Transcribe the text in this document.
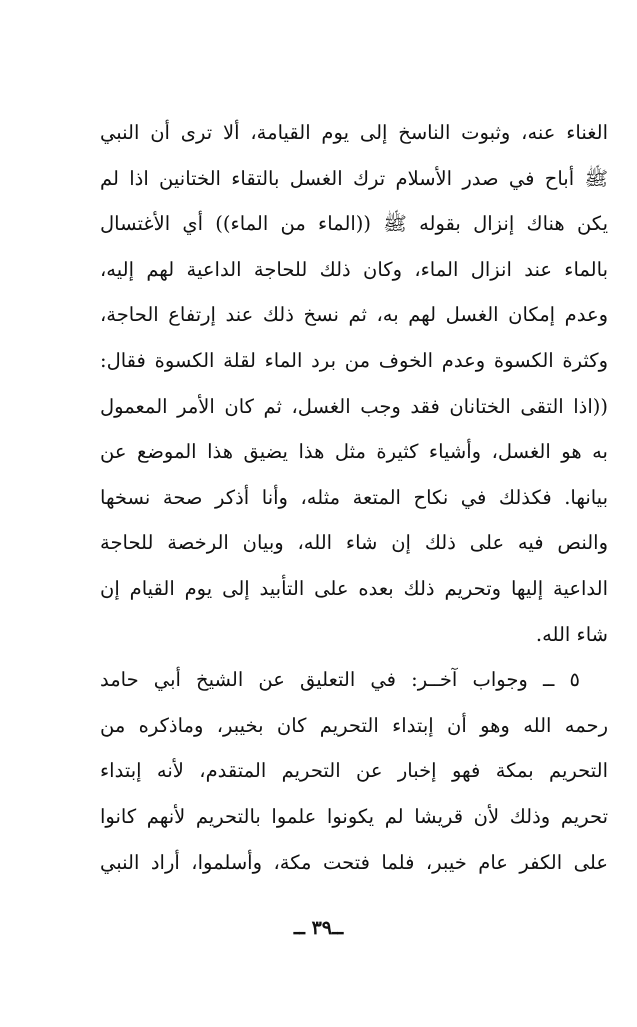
الغناء عنه، وثبوت الناسخ إلى يوم القيامة، ألا ترى أن النبي
ﷺ أباح في صدر الأسلام ترك الغسل بالتقاء الختانين اذا لم
يكن هناك إنزال بقوله ﷺ ((الماء من الماء)) أي الأغتسال
بالماء عند انزال الماء، وكان ذلك للحاجة الداعية لهم إليه،
وعدم إمكان الغسل لهم به، ثم نسخ ذلك عند إرتفاع الحاجة،
وكثرة الكسوة وعدم الخوف من برد الماء لقلة الكسوة فقال:
((اذا التقى الختانان فقد وجب الغسل، ثم كان الأمر المعمول
به هو الغسل، وأشياء كثيرة مثل هذا يضيق هذا الموضع عن
بيانها. فكذلك في نكاح المتعة مثله، وأنا أذكر صحة نسخها
والنص فيه على ذلك إن شاء الله، وبيان الرخصة للحاجة
الداعية إليها وتحريم ذلك بعده على التأبيد إلى يوم القيام إن
شاء الله.
٥ ــ وجواب آخــر: في التعليق عن الشيخ أبي حامد
رحمه الله وهو أن إبتداء التحريم كان بخيبر، وماذكره من
التحريم بمكة فهو إخبار عن التحريم المتقدم، لأنه إبتداء
تحريم وذلك لأن قريشا لم يكونوا علموا بالتحريم لأنهم كانوا
على الكفر عام خيبر، فلما فتحت مكة، وأسلموا، أراد النبي
ــ٣٩ ــ
